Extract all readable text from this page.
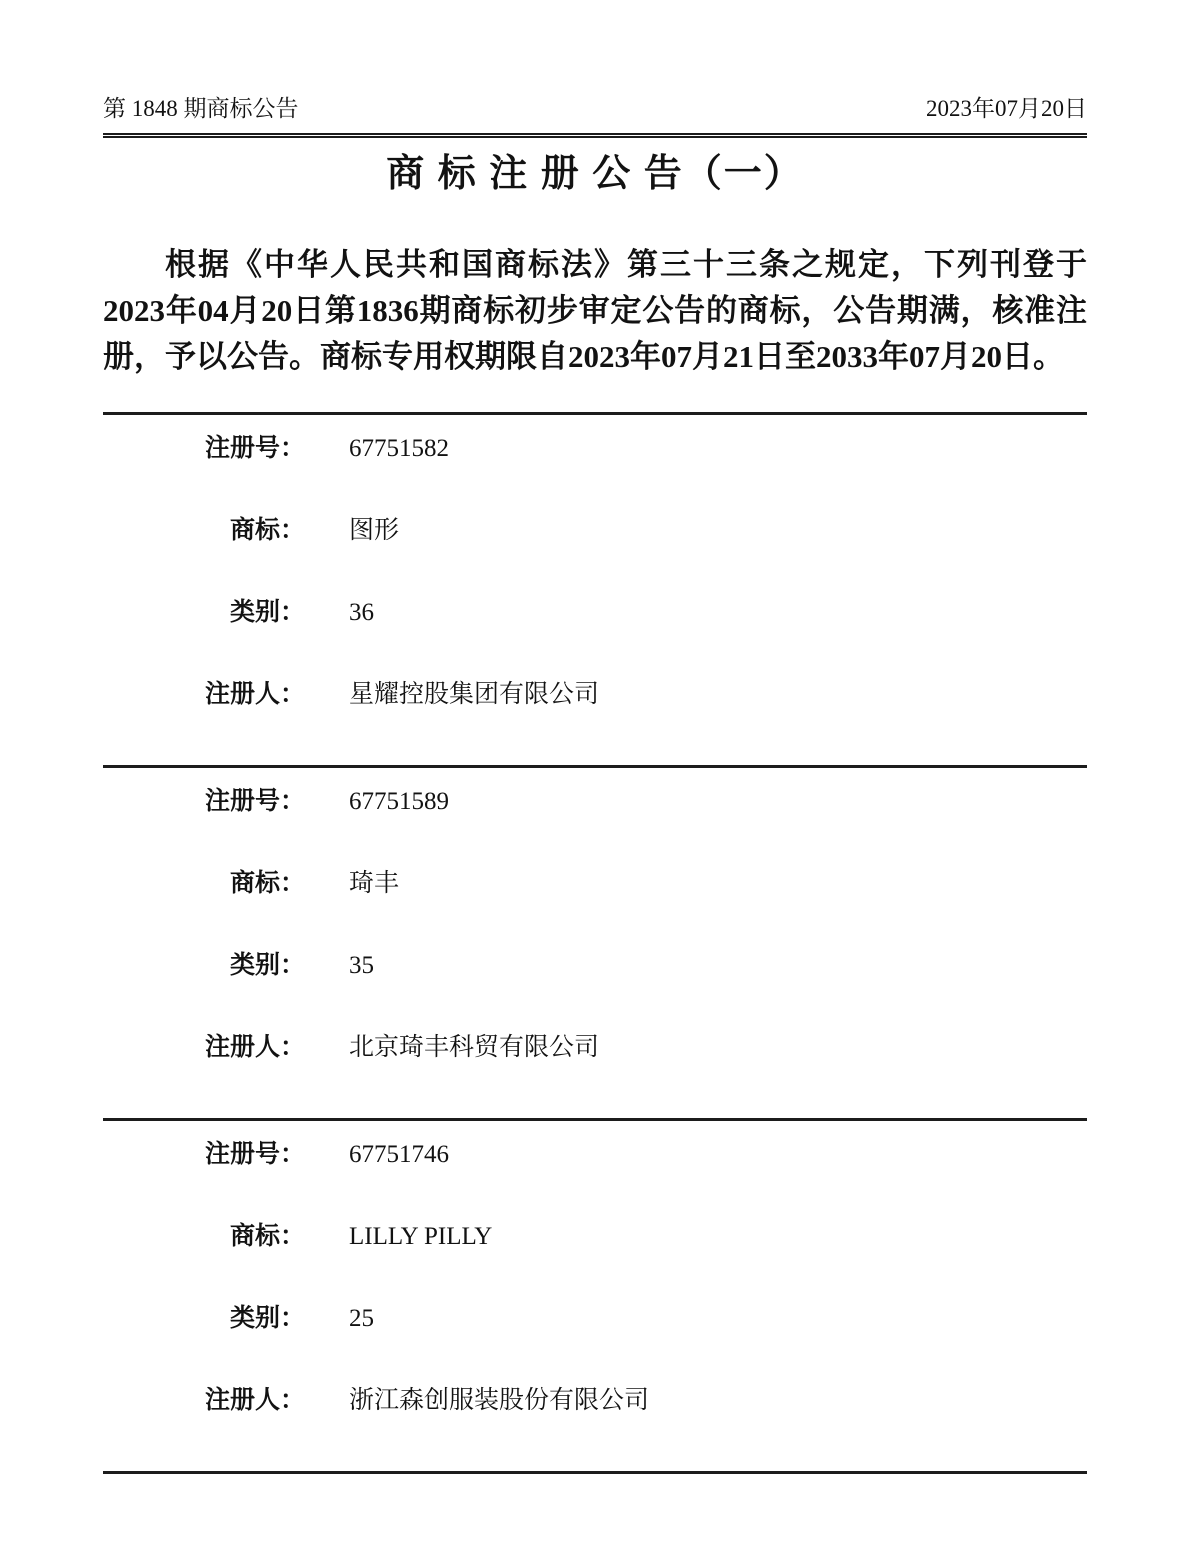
第 1848 期商标公告	2023年07月20日
商 标 注 册 公 告（一）

根据《中华人民共和国商标法》第三十三条之规定，下列刊登于2023年04月20日第1836期商标初步审定公告的商标，公告期满，核准注册，予以公告。商标专用权期限自2023年07月21日至2033年07月20日。

注册号： 67751582
商标： 图形
类别： 36
注册人： 星耀控股集团有限公司
注册号： 67751589
商标： 琦丰
类别： 35
注册人： 北京琦丰科贸有限公司
注册号： 67751746
商标： LILLY PILLY
类别： 25
注册人： 浙江森创服装股份有限公司
